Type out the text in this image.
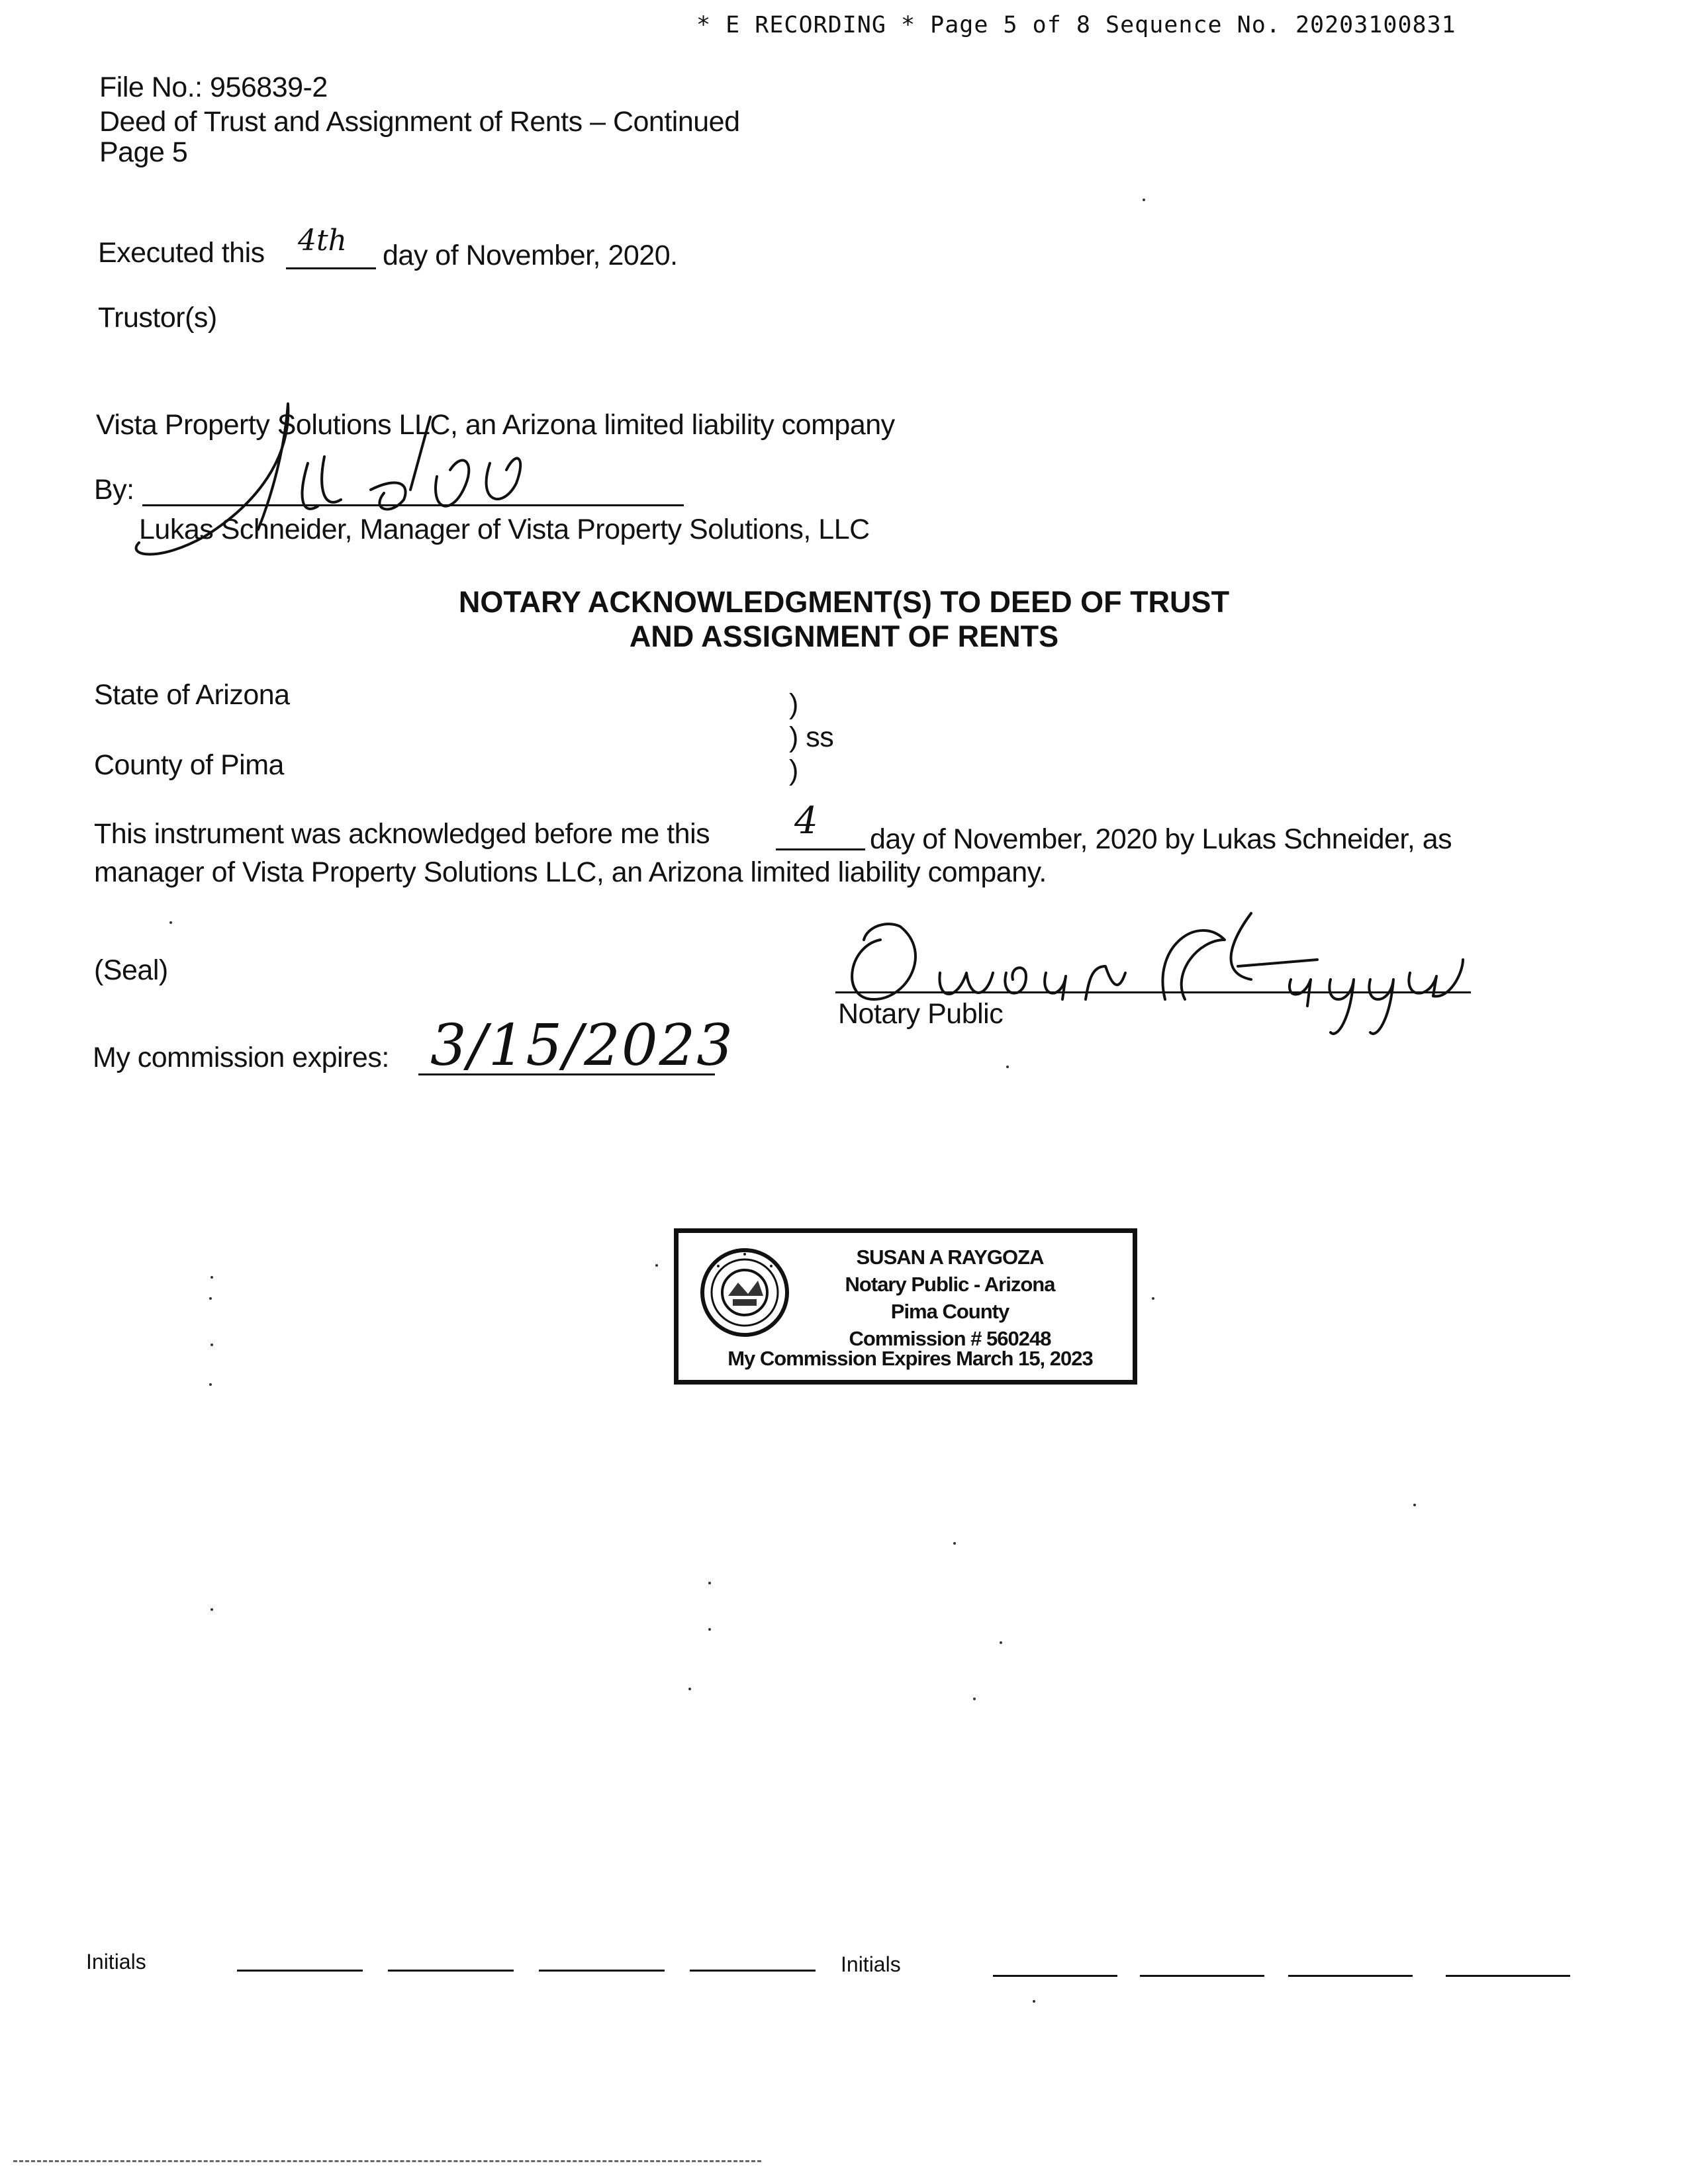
* E RECORDING * Page 5 of 8 Sequence No. 20203100831
File No.: 956839-2
Deed of Trust and Assignment of Rents – Continued
Page 5
Executed this 4th day of November, 2020.
Trustor(s)
Vista Property Solutions LLC, an Arizona limited liability company
By:
Lukas Schneider, Manager of Vista Property Solutions, LLC
NOTARY ACKNOWLEDGMENT(S) TO DEED OF TRUST
AND ASSIGNMENT OF RENTS
State of Arizona	)
) ss
County of Pima	)
This instrument was acknowledged before me this 4 day of November, 2020 by Lukas Schneider, as
manager of Vista Property Solutions LLC, an Arizona limited liability company.
(Seal)
Notary Public
My commission expires: 3/15/2023
SUSAN A RAYGOZA
Notary Public - Arizona
Pima County
Commission # 560248
My Commission Expires March 15, 2023
Initials	Initials
